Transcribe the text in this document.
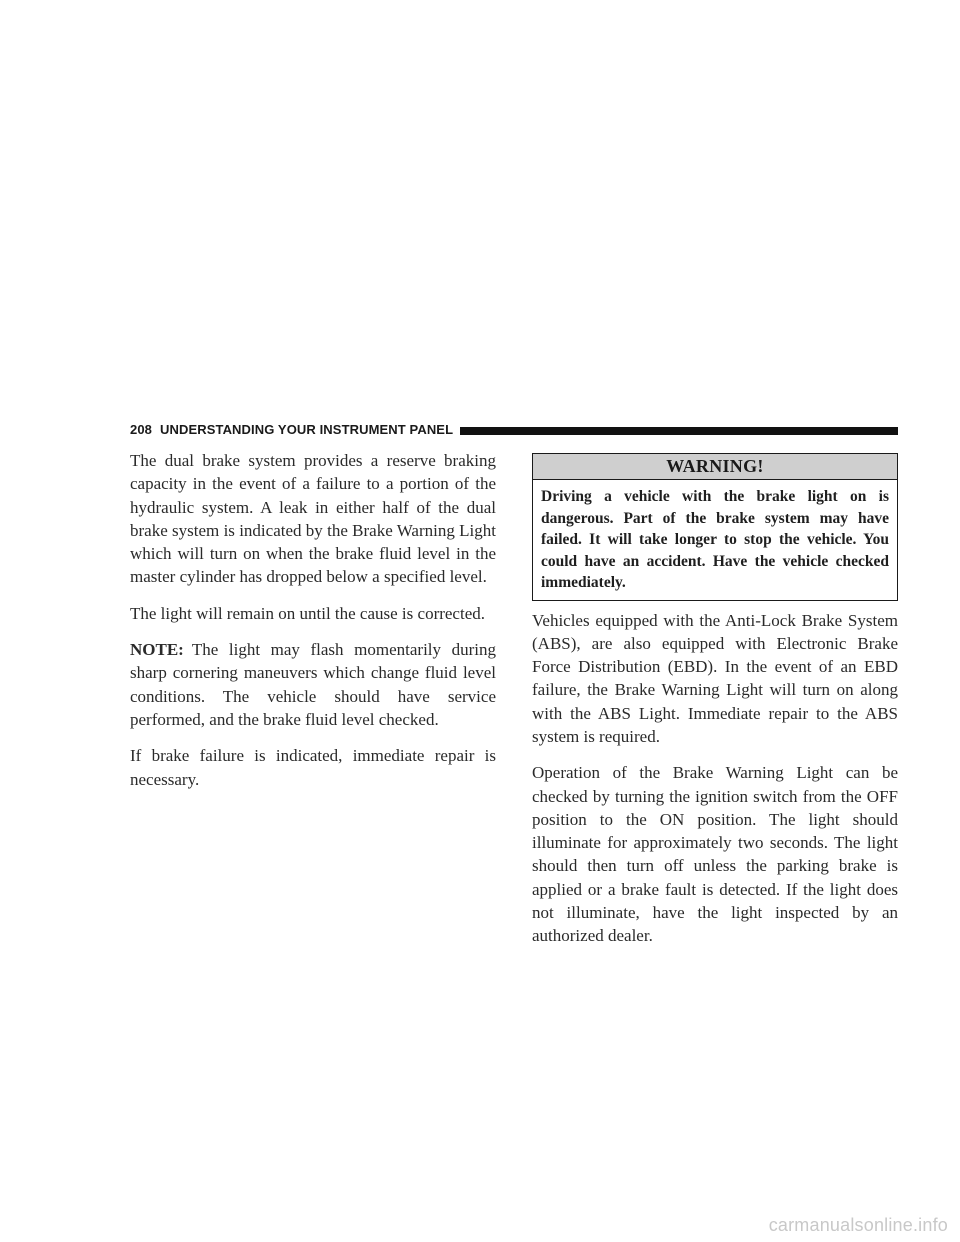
208 UNDERSTANDING YOUR INSTRUMENT PANEL

The dual brake system provides a reserve braking capacity in the event of a failure to a portion of the hydraulic system. A leak in either half of the dual brake system is indicated by the Brake Warning Light which will turn on when the brake fluid level in the master cylinder has dropped below a specified level.

The light will remain on until the cause is corrected.

NOTE: The light may flash momentarily during sharp cornering maneuvers which change fluid level conditions. The vehicle should have service performed, and the brake fluid level checked.

If brake failure is indicated, immediate repair is necessary.

WARNING!
Driving a vehicle with the brake light on is dangerous. Part of the brake system may have failed. It will take longer to stop the vehicle. You could have an accident. Have the vehicle checked immediately.

Vehicles equipped with the Anti-Lock Brake System (ABS), are also equipped with Electronic Brake Force Distribution (EBD). In the event of an EBD failure, the Brake Warning Light will turn on along with the ABS Light. Immediate repair to the ABS system is required.

Operation of the Brake Warning Light can be checked by turning the ignition switch from the OFF position to the ON position. The light should illuminate for approximately two seconds. The light should then turn off unless the parking brake is applied or a brake fault is detected. If the light does not illuminate, have the light inspected by an authorized dealer.

carmanualsonline.info
